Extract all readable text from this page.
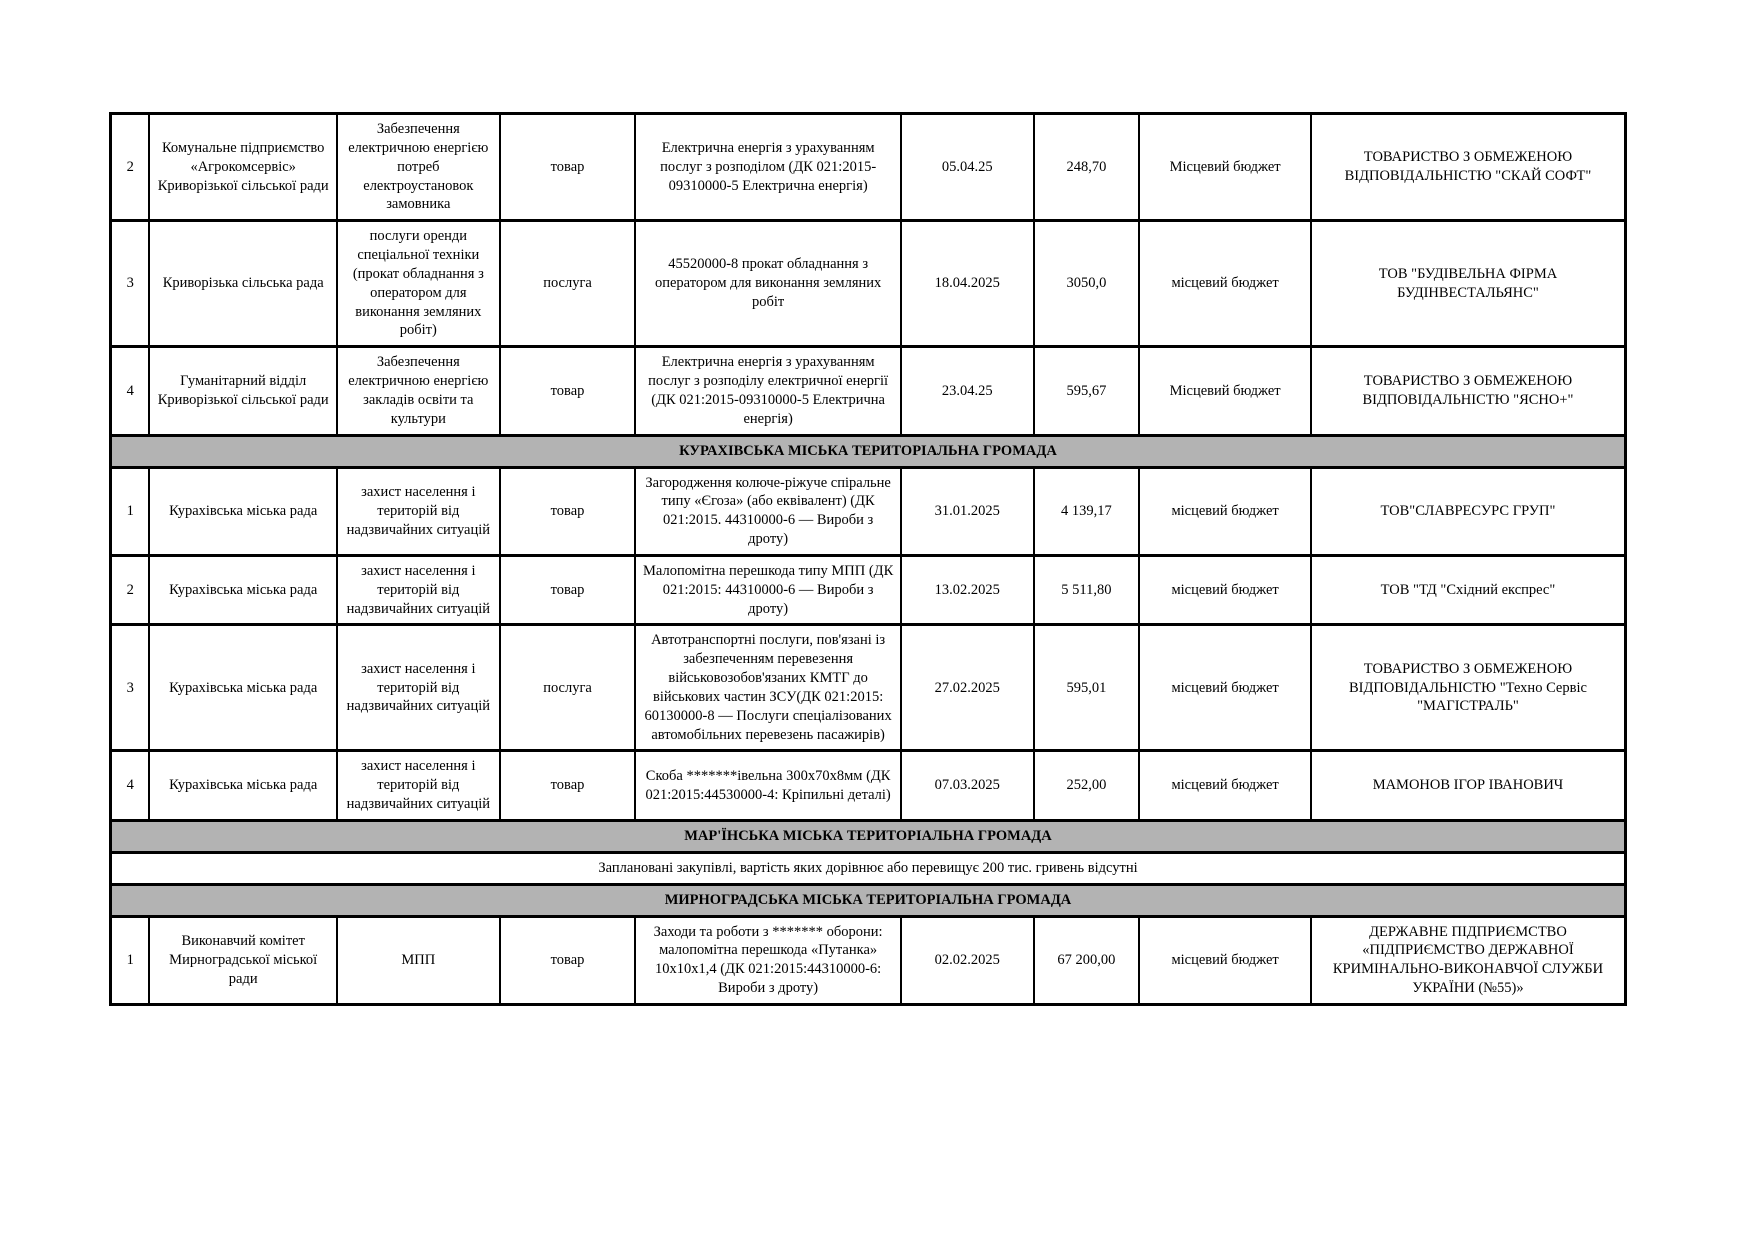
2	Комунальне підприємство «Агрокомсервіс» Криворізької сільської ради	Забезпечення електричною енергією потреб електроустановок замовника	товар	Електрична енергія з урахуванням послуг з розподілом (ДК 021:2015-09310000-5 Електрична енергія)	05.04.25	248,70	Місцевий бюджет	ТОВАРИСТВО З ОБМЕЖЕНОЮ ВІДПОВІДАЛЬНІСТЮ "СКАЙ СОФТ"
3	Криворізька сільська рада	послуги оренди спеціальної техніки (прокат обладнання з оператором для виконання земляних робіт)	послуга	45520000-8 прокат обладнання з оператором для виконання земляних робіт	18.04.2025	3050,0	місцевий бюджет	ТОВ "БУДІВЕЛЬНА ФІРМА БУДІНВЕСТАЛЬЯНС"
4	Гуманітарний відділ Криворізької сільської ради	Забезпечення електричною енергією закладів освіти та культури	товар	Електрична енергія з урахуванням послуг з розподілу електричної енергії (ДК 021:2015-09310000-5 Електрична енергія)	23.04.25	595,67	Місцевий бюджет	ТОВАРИСТВО З ОБМЕЖЕНОЮ ВІДПОВІДАЛЬНІСТЮ "ЯСНО+"
КУРАХІВСЬКА МІСЬКА ТЕРИТОРІАЛЬНА ГРОМАДА								
1	Курахівська міська рада	захист населення і територій від надзвичайних ситуацій	товар	Загородження колюче-ріжуче спіральне типу «Єгоза» (або еквівалент) (ДК 021:2015. 44310000-6 — Вироби з дроту)	31.01.2025	4 139,17	місцевий бюджет	ТОВ"СЛАВРЕСУРС ГРУП"
2	Курахівська міська рада	захист населення і територій від надзвичайних ситуацій	товар	Малопомітна перешкода типу МПП (ДК 021:2015: 44310000-6 — Вироби з дроту)	13.02.2025	5 511,80	місцевий бюджет	ТОВ "ТД "Східний експрес"
3	Курахівська міська рада	захист населення і територій від надзвичайних ситуацій	послуга	Автотранспортні послуги, пов'язані із забезпеченням перевезення військовозобов'язаних КМТГ до військових частин ЗСУ(ДК 021:2015: 60130000-8 — Послуги спеціалізованих автомобільних перевезень пасажирів)	27.02.2025	595,01	місцевий бюджет	ТОВАРИСТВО З ОБМЕЖЕНОЮ ВІДПОВІДАЛЬНІСТЮ "Техно Сервіс "МАГІСТРАЛЬ"
4	Курахівська міська рада	захист населення і територій від надзвичайних ситуацій	товар	Скоба *******івельна 300х70х8мм (ДК 021:2015:44530000-4: Кріпильні деталі)	07.03.2025	252,00	місцевий бюджет	МАМОНОВ ІГОР ІВАНОВИЧ
МАР'ЇНСЬКА МІСЬКА ТЕРИТОРІАЛЬНА ГРОМАДА								
Заплановані закупівлі, вартість яких дорівнює або перевищує 200 тис. гривень відсутні								
МИРНОГРАДСЬКА МІСЬКА ТЕРИТОРІАЛЬНА ГРОМАДА								
1	Виконавчий комітет Мирноградської міської ради	МПП	товар	Заходи та роботи з ******* оборони: малопомітна перешкода «Путанка» 10х10х1,4 (ДК 021:2015:44310000-6: Вироби з дроту)	02.02.2025	67 200,00	місцевий бюджет	ДЕРЖАВНЕ ПІДПРИЄМСТВО «ПІДПРИЄМСТВО ДЕРЖАВНОЇ КРИМІНАЛЬНО-ВИКОНАВЧОЇ СЛУЖБИ УКРАЇНИ (№55)»
